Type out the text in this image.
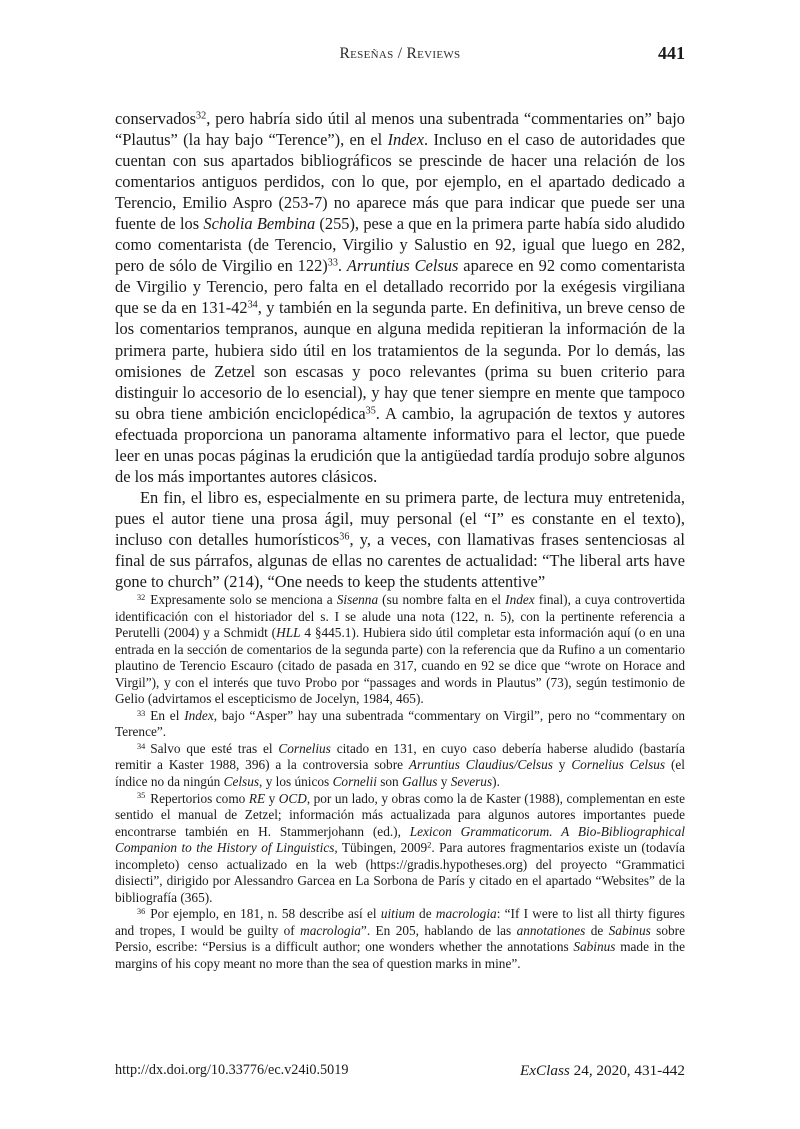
Reseñas / Reviews	441

conservados$^{32}$, pero habría sido útil al menos una subentrada “commentaries on” bajo “Plautus” (la hay bajo “Terence”), en el Index. Incluso en el caso de autoridades que cuentan con sus apartados bibliográficos se prescinde de hacer una relación de los comentarios antiguos perdidos, con lo que, por ejemplo, en el apartado dedicado a Terencio, Emilio Aspro (253-7) no aparece más que para indicar que puede ser una fuente de los Scholia Bembina (255), pese a que en la primera parte había sido aludido como comentarista (de Terencio, Virgilio y Salustio en 92, igual que luego en 282, pero de sólo de Virgilio en 122)$^{33}$. Arruntius Celsus aparece en 92 como comentarista de Virgilio y Terencio, pero falta en el detallado recorrido por la exégesis virgiliana que se da en $131-42^{34}$, y también en la segunda parte. En definitiva, un breve censo de los comentarios tempranos, aunque en alguna medida repitieran la información de la primera parte, hubiera sido útil en los tratamientos de la segunda. Por lo demás, las omisiones de Zetzel son escasas y poco relevantes (prima su buen criterio para distinguir lo accesorio de lo esencial), y hay que tener siempre en mente que tampoco su obra tiene ambición enciclopédica$^{35}$. A cambio, la agrupación de textos y autores efectuada proporciona un panorama altamente informativo para el lector, que puede leer en unas pocas páginas la erudición que la antigüedad tardía produjo sobre algunos de los más importantes autores clásicos.

En fin, el libro es, especialmente en su primera parte, de lectura muy entretenida, pues el autor tiene una prosa ágil, muy personal (el “I” es constante en el texto), incluso con detalles humorísticos$^{36}$, y, a veces, con llamativas frases sentenciosas al final de sus párrafos, algunas de ellas no carentes de actualidad: “The liberal arts have gone to church” (214), “One needs to keep the students attentive”

$^{32}$ Expresamente solo se menciona a Sisenna (su nombre falta en el Index final), a cuya controvertida identificación con el historiador del s. I se alude una nota (122, n. 5), con la pertinente referencia a Perutelli (2004) y a Schmidt (HLL 4 §445.1). Hubiera sido útil completar esta información aquí (o en una entrada en la sección de comentarios de la segunda parte) con la referencia que da Rufino a un comentario plautino de Terencio Escauro (citado de pasada en 317, cuando en 92 se dice que “wrote on Horace and Virgil”), y con el interés que tuvo Probo por “passages and words in Plautus” (73), según testimonio de Gelio (advirtamos el escepticismo de Jocelyn, 1984, 465).

$^{33}$ En el Index, bajo “Asper” hay una subentrada “commentary on Virgil”, pero no “commentary on Terence”.

$^{34}$ Salvo que esté tras el Cornelius citado en 131, en cuyo caso debería haberse aludido (bastaría remitir a Kaster 1988, 396) a la controversia sobre Arruntius Claudius/Celsus y Cornelius Celsus (el índice no da ningún Celsus, y los únicos Cornelii son Gallus y Severus).

$^{35}$ Repertorios como RE y OCD, por un lado, y obras como la de Kaster (1988), complementan en este sentido el manual de Zetzel; información más actualizada para algunos autores importantes puede encontrarse también en H. Stammerjohann (ed.), Lexicon Grammaticorum. A Bio-Bibliographical Companion to the History of Linguistics, Tübingen, 2009$^2$. Para autores fragmentarios existe un (todavía incompleto) censo actualizado en la web (https://gradis.hypotheses.org) del proyecto “Grammatici disiecti”, dirigido por Alessandro Garcea en La Sorbona de París y citado en el apartado “Websites” de la bibliografía (365).

$^{36}$ Por ejemplo, en 181, n. 58 describe así el uitium de macrologia: “If I were to list all thirty figures and tropes, I would be guilty of macrologia”. En 205, hablando de las annotationes de Sabinus sobre Persio, escribe: “Persius is a difficult author; one wonders whether the annotations Sabinus made in the margins of his copy meant no more than the sea of question marks in mine”.

http://dx.doi.org/10.33776/ec.v24i0.5019	ExClass 24, 2020, 431-442
